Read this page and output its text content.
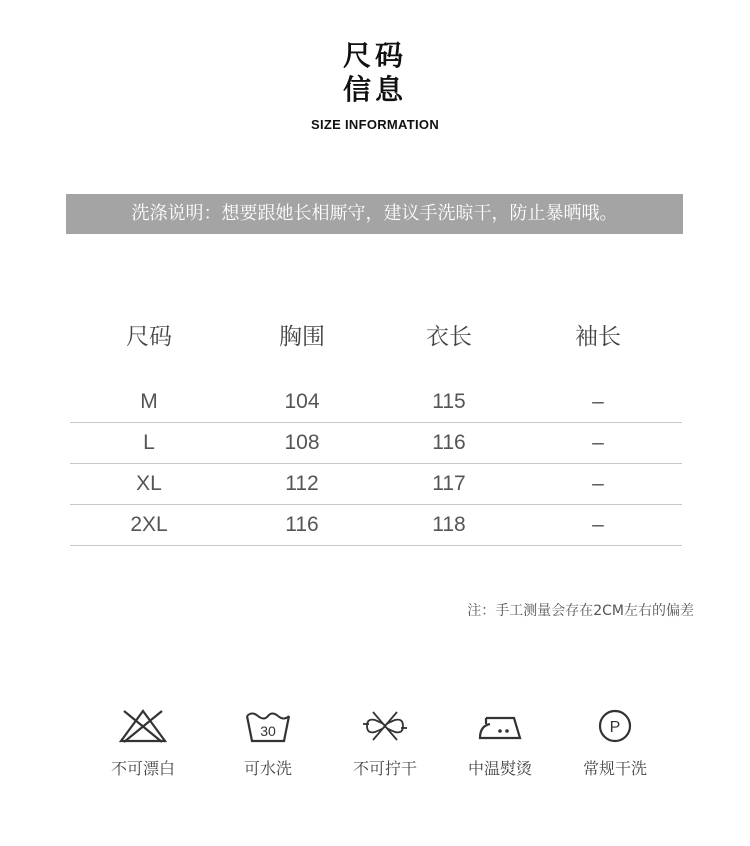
尺码
信息
SIZE INFORMATION
洗涤说明：想要跟她长相厮守，建议手洗晾干，防止暴晒哦。
尺码	胸围	衣长	袖长
M	104	115	–
L	108	116	–
XL	112	117	–
2XL	116	118	–
注：手工测量会存在2CM左右的偏差
不可漂白
30
可水洗	不可拧干	中温熨烫
P
常规干洗
